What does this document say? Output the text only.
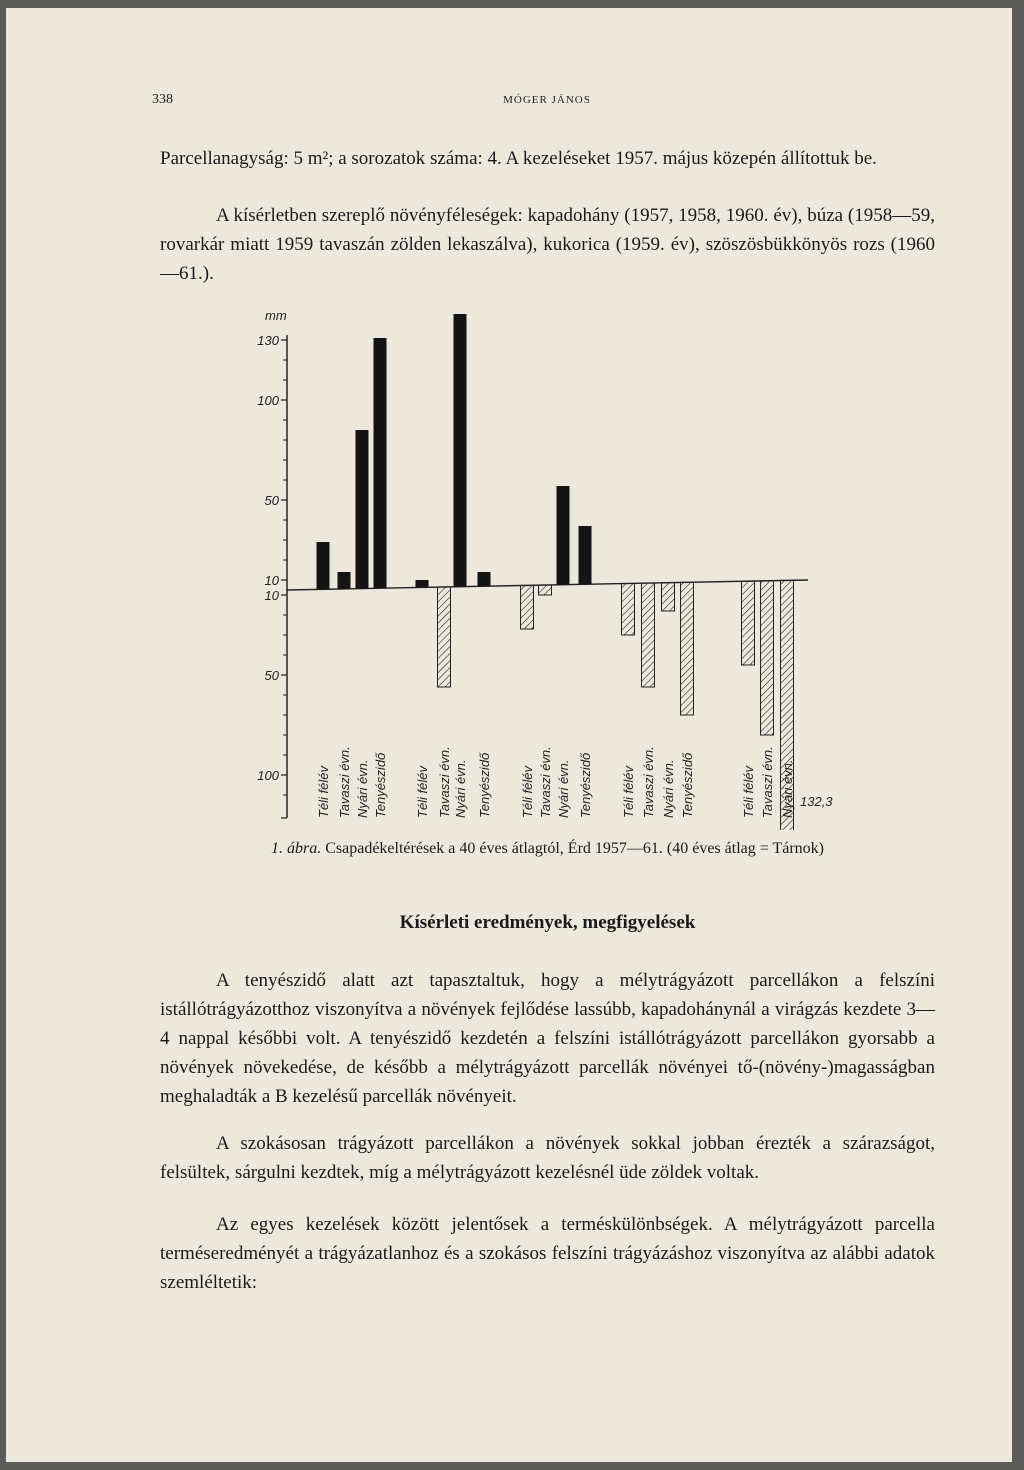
338	MÓGER JÁNOS

Parcellanagyság: 5 m²; a sorozatok száma: 4. A kezeléseket 1957. május közepén állítottuk be.

A kísérletben szereplő növényféleségek: kapadohány (1957, 1958, 1960. év), búza (1958—59, rovarkár miatt 1959 tavaszán zölden lekaszálva), kukorica (1959. év), szöszösbükkönyös rozs (1960—61.).

mm
130
100
50
10
10
50
100	Téli félév Tavaszi évn. Nyári évn. Tenyészidő Téli félév Tavaszi évn. Nyári évn. Tenyészidő Téli félév Tavaszi évn. Nyári évn. Tenyészidő Téli félév Tavaszi évn. Nyári évn. Tenyészidő	Téli félév Tavaszi évn. Nyári évn. 132,3
1. ábra. Csapadékeltérések a 40 éves átlagtól, Érd 1957—61. (40 éves átlag = Tárnok)
Kísérleti eredmények, megfigyelések

A tenyészidő alatt azt tapasztaltuk, hogy a mélytrágyázott parcellákon a felszíni istállótrágyázotthoz viszonyítva a növények fejlődése lassúbb, kapadohánynál a virágzás kezdete 3—4 nappal későbbi volt. A tenyészidő kezdetén a felszíni istállótrágyázott parcellákon gyorsabb a növények növekedése, de később a mélytrágyázott parcellák növényei tő-(növény-)magasságban meghaladták a B kezelésű parcellák növényeit.

A szokásosan trágyázott parcellákon a növények sokkal jobban érezték a szárazságot, felsültek, sárgulni kezdtek, míg a mélytrágyázott kezelésnél üde zöldek voltak.

Az egyes kezelések között jelentősek a terméskülönbségek. A mélytrágyázott parcella terméseredményét a trágyázatlanhoz és a szokásos felszíni trágyázáshoz viszonyítva az alábbi adatok szemléltetik:
